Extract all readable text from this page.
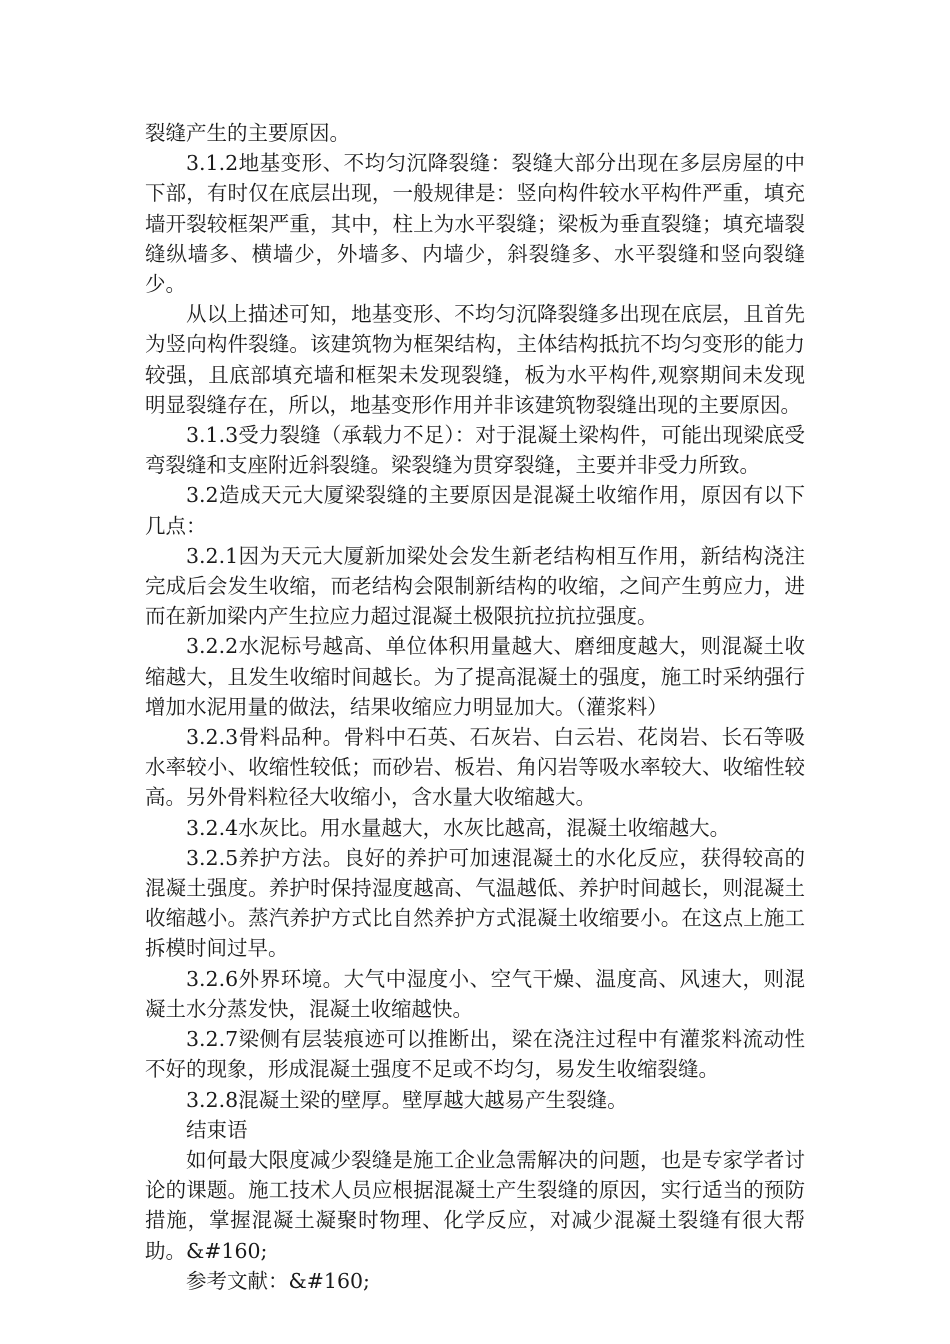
裂缝产生的主要原因。

3.1.2地基变形、不均匀沉降裂缝：裂缝大部分出现在多层房屋的中下部，有时仅在底层出现，一般规律是：竖向构件较水平构件严重，填充墙开裂较框架严重，其中，柱上为水平裂缝；梁板为垂直裂缝；填充墙裂缝纵墙多、横墙少，外墙多、内墙少，斜裂缝多、水平裂缝和竖向裂缝少。

从以上描述可知，地基变形、不均匀沉降裂缝多出现在底层，且首先为竖向构件裂缝。该建筑物为框架结构，主体结构抵抗不均匀变形的能力较强，且底部填充墙和框架未发现裂缝，板为水平构件,观察期间未发现明显裂缝存在，所以，地基变形作用并非该建筑物裂缝出现的主要原因。

3.1.3受力裂缝（承载力不足）：对于混凝土梁构件，可能出现梁底受弯裂缝和支座附近斜裂缝。梁裂缝为贯穿裂缝，主要并非受力所致。

3.2造成天元大厦梁裂缝的主要原因是混凝土收缩作用，原因有以下几点：

3.2.1因为天元大厦新加梁处会发生新老结构相互作用，新结构浇注完成后会发生收缩，而老结构会限制新结构的收缩，之间产生剪应力，进而在新加梁内产生拉应力超过混凝土极限抗拉抗拉强度。

3.2.2水泥标号越高、单位体积用量越大、磨细度越大，则混凝土收缩越大，且发生收缩时间越长。为了提高混凝土的强度，施工时采纳强行增加水泥用量的做法，结果收缩应力明显加大。（灌浆料）

3.2.3骨料品种。骨料中石英、石灰岩、白云岩、花岗岩、长石等吸水率较小、收缩性较低；而砂岩、板岩、角闪岩等吸水率较大、收缩性较高。另外骨料粒径大收缩小，含水量大收缩越大。

3.2.4水灰比。用水量越大，水灰比越高，混凝土收缩越大。

3.2.5养护方法。良好的养护可加速混凝土的水化反应，获得较高的混凝土强度。养护时保持湿度越高、气温越低、养护时间越长，则混凝土收缩越小。蒸汽养护方式比自然养护方式混凝土收缩要小。在这点上施工拆模时间过早。

3.2.6外界环境。大气中湿度小、空气干燥、温度高、风速大，则混凝土水分蒸发快，混凝土收缩越快。

3.2.7梁侧有层装痕迹可以推断出，梁在浇注过程中有灌浆料流动性不好的现象，形成混凝土强度不足或不均匀，易发生收缩裂缝。

3.2.8混凝土梁的壁厚。壁厚越大越易产生裂缝。

结束语

如何最大限度减少裂缝是施工企业急需解决的问题，也是专家学者讨论的课题。施工技术人员应根据混凝土产生裂缝的原因，实行适当的预防措施，掌握混凝土凝聚时物理、化学反应，对减少混凝土裂缝有很大帮助。&#160;

参考文献：&#160;
